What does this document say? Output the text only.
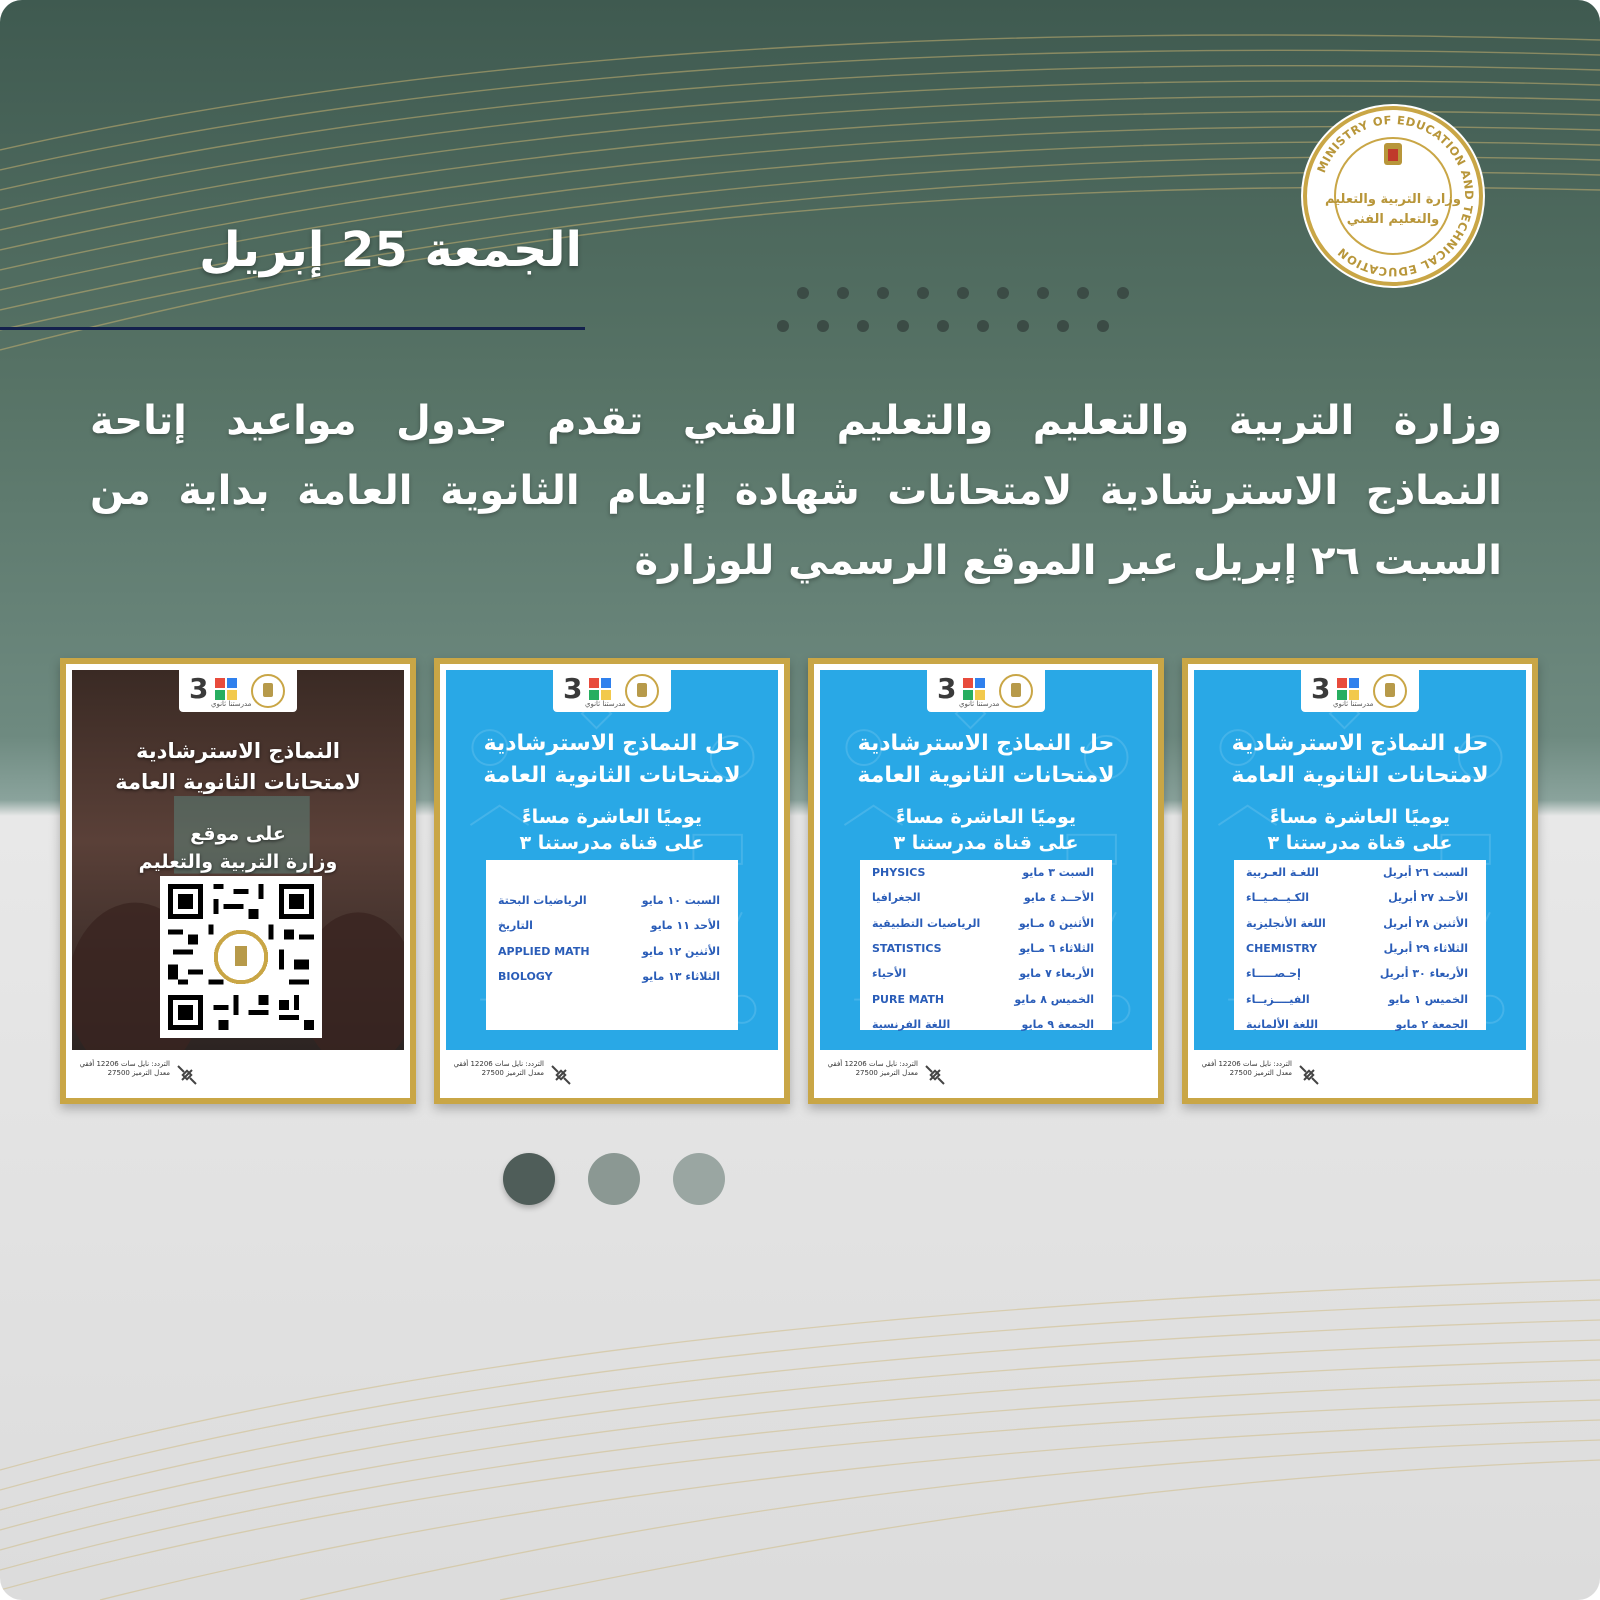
الجمعة 25 إبريل
MINISTRY OF EDUCATION AND TECHNICAL EDUCATION
وزارة التربية والتعليم
والتعليم الفني
وزارة التربية والتعليم والتعليم الفني تقدم جدول مواعيد إتاحة
النماذج الاسترشادية لامتحانات شهادة إتمام الثانوية العامة بداية من
السبت ٢٦ إبريل عبر الموقع الرسمي للوزارة
3 مدرستنا ثانوي
حل النماذج الاسترشادية
لامتحانات الثانوية العامة
يوميًا العاشرة مساءً
على قناة مدرستنا ٣
السبت ٢٦ أبريل
اللغـة العـربية
الأحـد ٢٧ أبريل
الكـيــمـيــاء
الأثنين ٢٨ أبريل
اللغة الأنجليزية
الثلاثاء ٢٩ أبريل
CHEMISTRY
الأربعاء ٣٠ أبريل
إحـصـــــاء
الخميس ١ مايو
الفيــــزيــاء
الجمعة ٢ مايو
اللغة الألمانية
التردد: نايل سات 12206 أفقي معدل الترميز 27500
3 مدرستنا ثانوي
حل النماذج الاسترشادية
لامتحانات الثانوية العامة
يوميًا العاشرة مساءً
على قناة مدرستنا ٣
السبت ٣ مايو
PHYSICS
الأحــد ٤ مايو
الجغرافيا
الأثنين ٥ مـايو
الرياضيات التطبيقية
الثلاثاء ٦ مـايو
STATISTICS
الأربعاء ٧ مايو
الأحياء
الخميس ٨ مايو
PURE MATH
الجمعة ٩ مايو
اللغة الفرنسية
التردد: نايل سات 12206 أفقي معدل الترميز 27500
3 مدرستنا ثانوي
حل النماذج الاسترشادية
لامتحانات الثانوية العامة
يوميًا العاشرة مساءً
على قناة مدرستنا ٣
السبت ١٠ مايو
الرياضيات البحتة
الأحد ١١ مايو
التاريخ
الأثنين ١٢ مايو
APPLIED MATH
الثلاثاء ١٣ مايو
BIOLOGY
التردد: نايل سات 12206 أفقي معدل الترميز 27500
3 مدرستنا ثانوي
النماذج الاسترشادية
لامتحانات الثانوية العامة
على موقع
وزارة التربية والتعليم
التردد: نايل سات 12206 أفقي معدل الترميز 27500
